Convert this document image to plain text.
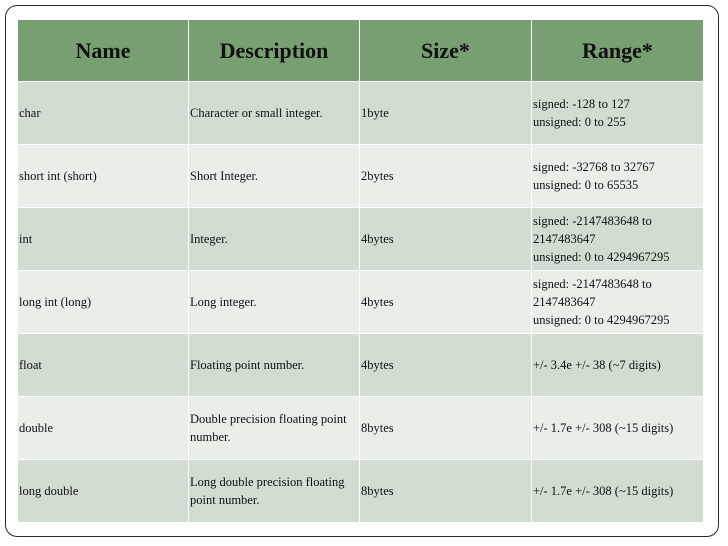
Name	Description	Size*	Range*
char	Character or small integer.	1byte	signed: -128 to 127
unsigned: 0 to 255

short int (short)	Short Integer.	2bytes	signed: -32768 to 32767
unsigned: 0 to 65535

int	Integer.	4bytes	signed: -2147483648 to
2147483647
unsigned: 0 to 4294967295

long int (long)	Long integer.	4bytes	signed: -2147483648 to
2147483647
unsigned: 0 to 4294967295

float	Floating point number.	4bytes	+/- 3.4e +/- 38 (~7 digits)

double	Double precision floating point number.	8bytes	+/- 1.7e +/- 308 (~15 digits)

long double	Long double precision floating point number.	8bytes	+/- 1.7e +/- 308 (~15 digits)
